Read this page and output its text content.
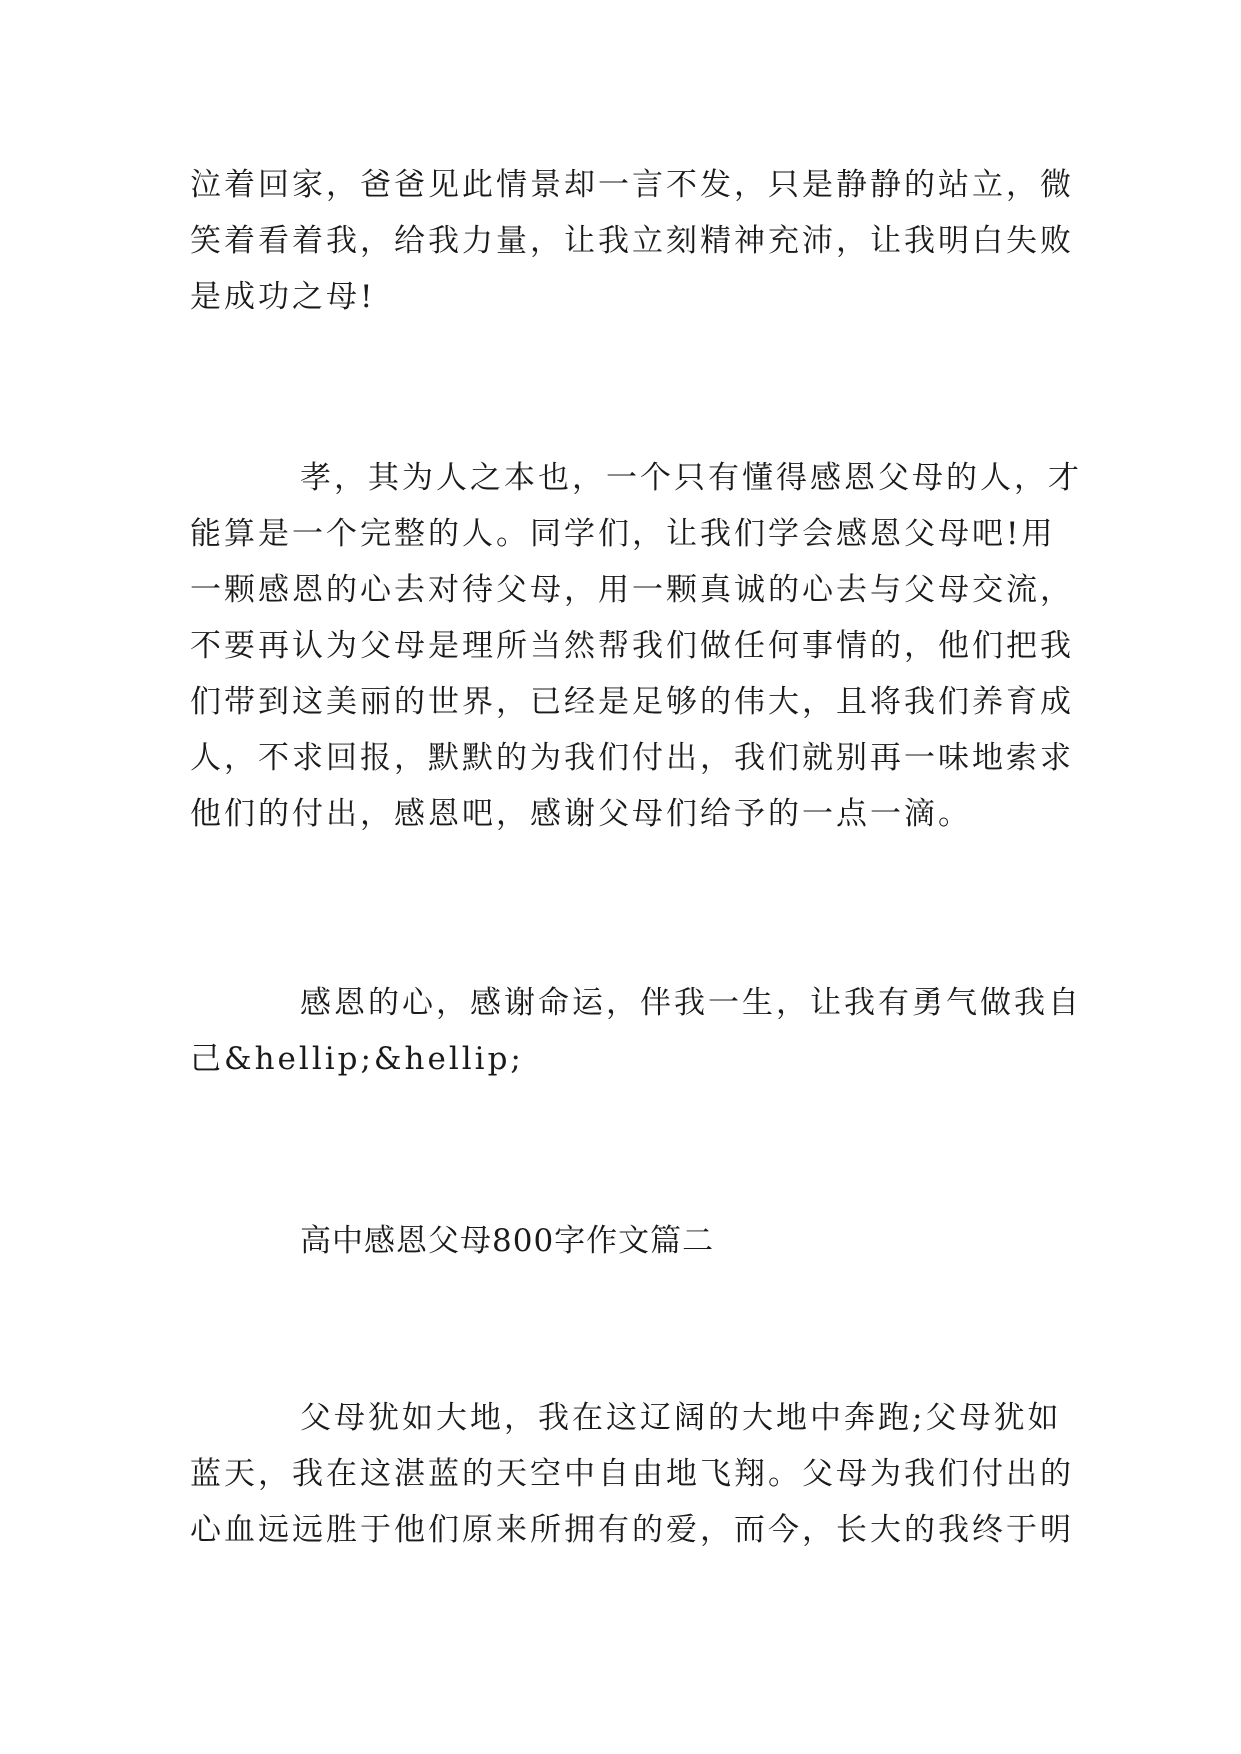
泣着回家，爸爸见此情景却一言不发，只是静静的站立，微
笑着看着我，给我力量，让我立刻精神充沛，让我明白失败
是成功之母!
孝，其为人之本也，一个只有懂得感恩父母的人，才
能算是一个完整的人。同学们，让我们学会感恩父母吧!用
一颗感恩的心去对待父母，用一颗真诚的心去与父母交流，
不要再认为父母是理所当然帮我们做任何事情的，他们把我
们带到这美丽的世界，已经是足够的伟大，且将我们养育成
人，不求回报，默默的为我们付出，我们就别再一味地索求
他们的付出，感恩吧，感谢父母们给予的一点一滴。
感恩的心，感谢命运，伴我一生，让我有勇气做我自
己&hellip;&hellip;
高中感恩父母800字作文篇二
父母犹如大地，我在这辽阔的大地中奔跑;父母犹如
蓝天，我在这湛蓝的天空中自由地飞翔。父母为我们付出的
心血远远胜于他们原来所拥有的爱，而今，长大的我终于明
